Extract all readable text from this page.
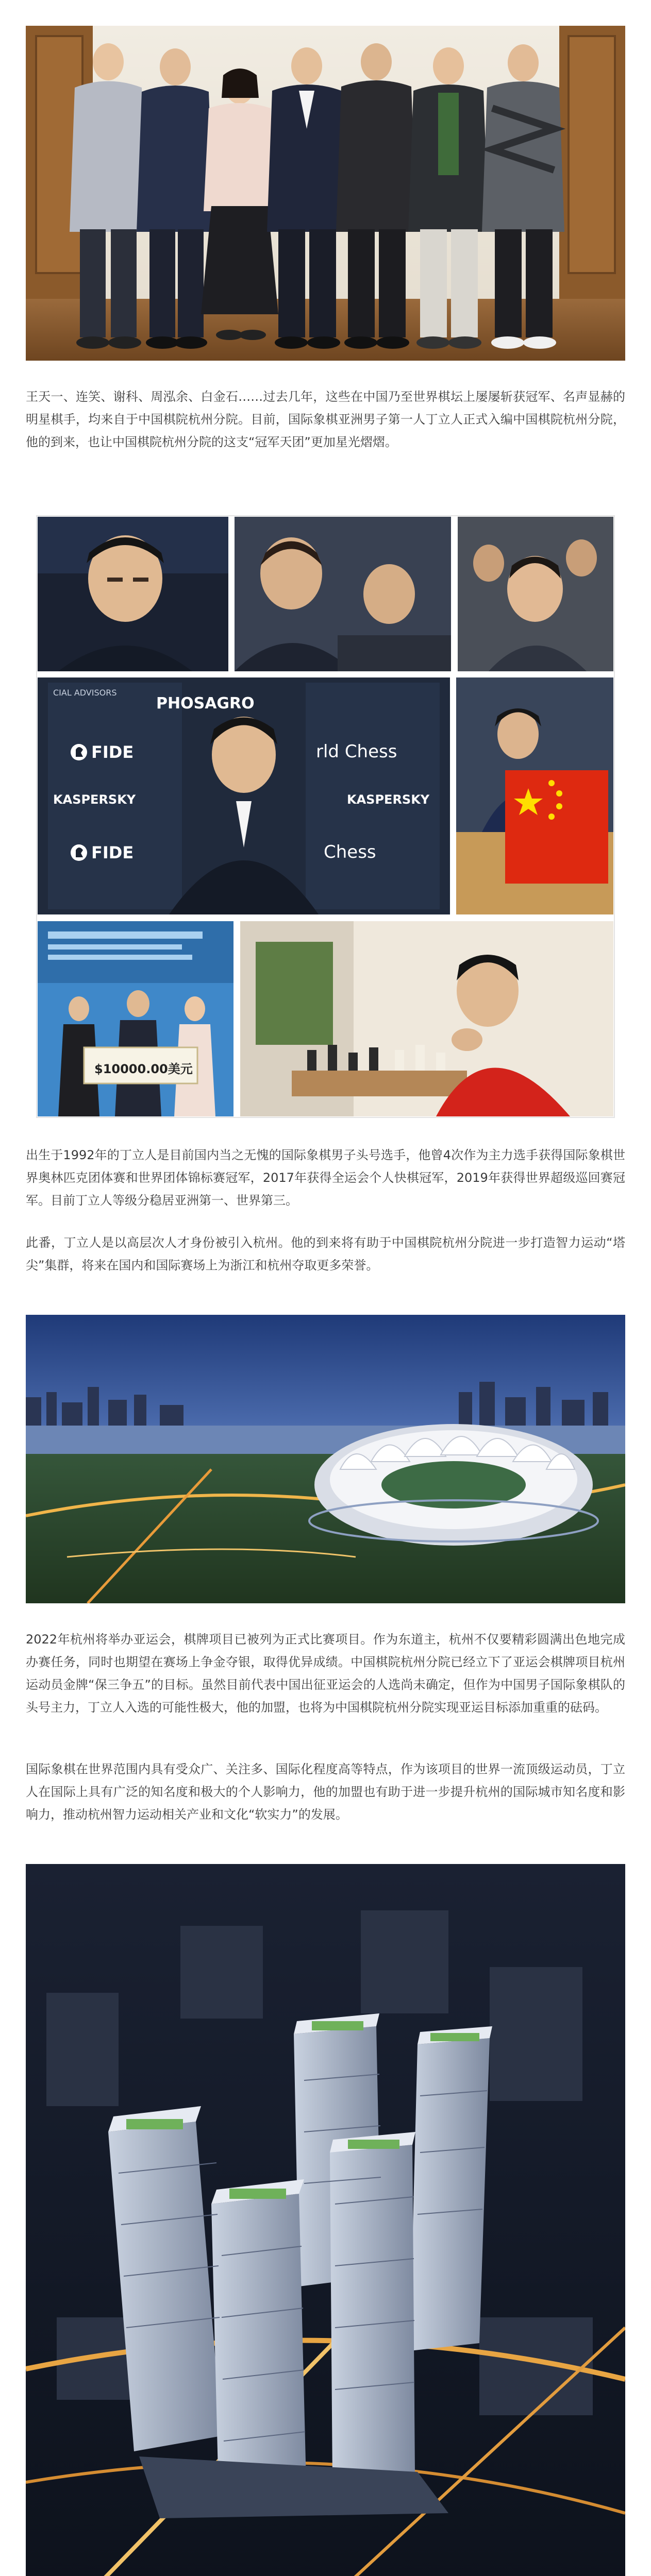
王天一、连笑、谢科、周泓余、白金石……过去几年，这些在中国乃至世界棋坛上屡屡斩获冠军、名声显赫的明星棋手，均来自于中国棋院杭州分院。目前，国际象棋亚洲男子第一人丁立人正式入编中国棋院杭州分院，他的到来，也让中国棋院杭州分院的这支“冠军天团”更加星光熠熠。

PHOSAGRO
CIAL ADVISORS
FIDE
KASPERSKY
rld Chess
KASPERSKY
FIDE	Chess
$10000.00美元

出生于1992年的丁立人是目前国内当之无愧的国际象棋男子头号选手，他曾4次作为主力选手获得国际象棋世界奥林匹克团体赛和世界团体锦标赛冠军，2017年获得全运会个人快棋冠军，2019年获得世界超级巡回赛冠军。目前丁立人等级分稳居亚洲第一、世界第三。

此番，丁立人是以高层次人才身份被引入杭州。他的到来将有助于中国棋院杭州分院进一步打造智力运动“塔尖”集群，将来在国内和国际赛场上为浙江和杭州夺取更多荣誉。

2022年杭州将举办亚运会，棋牌项目已被列为正式比赛项目。作为东道主，杭州不仅要精彩圆满出色地完成办赛任务，同时也期望在赛场上争金夺银，取得优异成绩。中国棋院杭州分院已经立下了亚运会棋牌项目杭州运动员金牌“保三争五”的目标。虽然目前代表中国出征亚运会的人选尚未确定，但作为中国男子国际象棋队的头号主力，丁立人入选的可能性极大，他的加盟，也将为中国棋院杭州分院实现亚运目标添加重重的砝码。

国际象棋在世界范围内具有受众广、关注多、国际化程度高等特点，作为该项目的世界一流顶级运动员，丁立人在国际上具有广泛的知名度和极大的个人影响力，他的加盟也有助于进一步提升杭州的国际城市知名度和影响力，推动杭州智力运动相关产业和文化“软实力”的发展。
